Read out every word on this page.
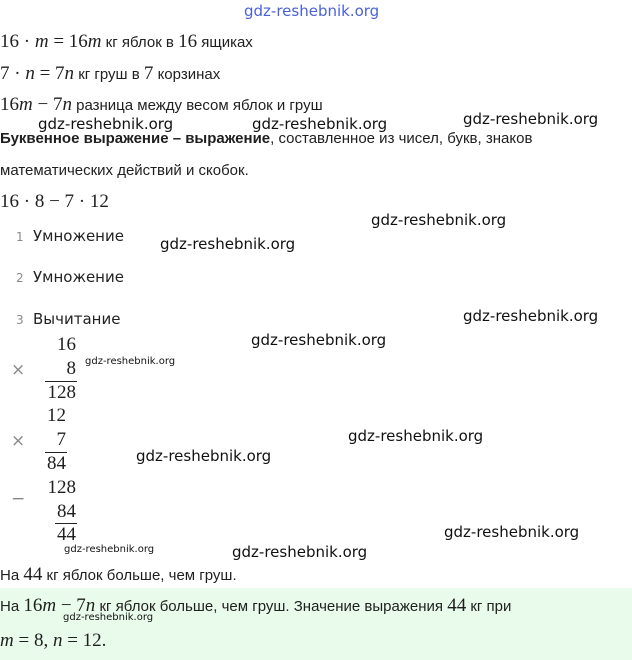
gdz-reshebnik.org
16 · m = 16m кг яблок в 16 ящиках
7 · n = 7n кг груш в 7 корзинах
16m − 7n разница между весом яблок и груш
Буквенное выражение – выражение, составленное из чисел, букв, знаков
математических действий и скобок.
16 · 8 − 7 · 12
1 Умножение
2 Умножение
3 Вычитание
16
×	8
128
12
×	7
84
128
−
84
44
На 44 кг яблок больше, чем груш.
На 16m − 7n кг яблок больше, чем груш. Значение выражения 44 кг при
m = 8, n = 12.
gdz-reshebnik.org
gdz-reshebnik.org	gdz-reshebnik.org
gdz-reshebnik.org
gdz-reshebnik.org
gdz-reshebnik.org
gdz-reshebnik.org
gdz-reshebnik.org
gdz-reshebnik.org
gdz-reshebnik.org
gdz-reshebnik.org
gdz-reshebnik.org	gdz-reshebnik.org
gdz-reshebnik.org
